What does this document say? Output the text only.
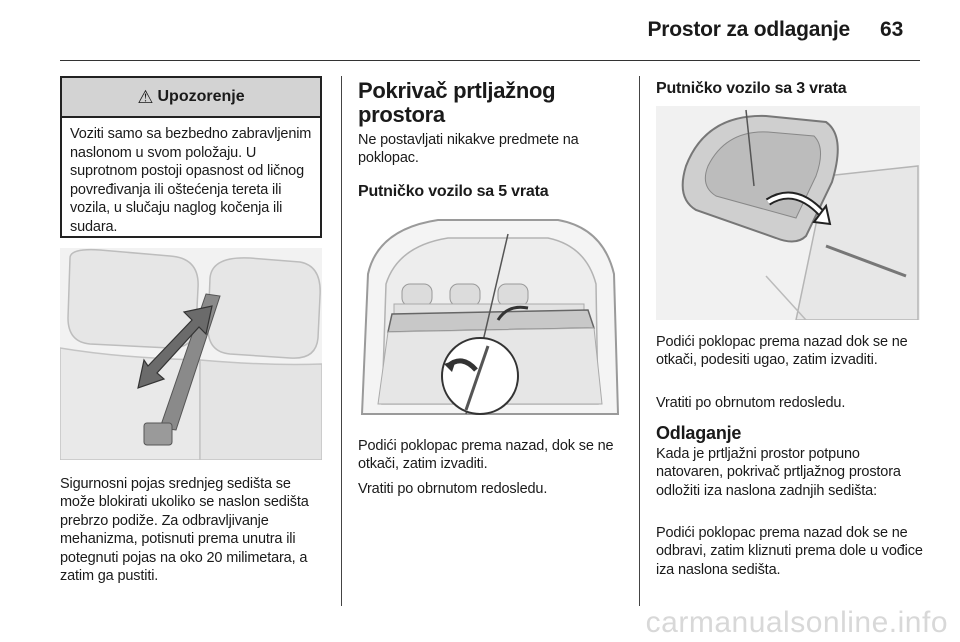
Prostor za odlaganje 63
⚠ Upozorenje
Voziti samo sa bezbedno zabravljenim naslonom u svom položaju. U suprotnom postoji opasnost od ličnog povređivanja ili oštećenja tereta ili vozila, u slučaju naglog kočenja ili sudara.
Sigurnosni pojas srednjeg sedišta se može blokirati ukoliko se naslon sedišta prebrzo podiže. Za odbravljivanje mehanizma, potisnuti prema unutra ili potegnuti pojas na oko 20 milimetara, a zatim ga pustiti.
Pokrivač prtljažnog prostora
Ne postavljati nikakve predmete na poklopac.
Putničko vozilo sa 5 vrata
Podići poklopac prema nazad, dok se ne otkači, zatim izvaditi.
Vratiti po obrnutom redosledu.
Putničko vozilo sa 3 vrata
Podići poklopac prema nazad dok se ne otkači, podesiti ugao, zatim izvaditi.
Vratiti po obrnutom redosledu.
Odlaganje
Kada je prtljažni prostor potpuno natovaren, pokrivač prtljažnog prostora odložiti iza naslona zadnjih sedišta:
Podići poklopac prema nazad dok se ne odbravi, zatim kliznuti prema dole u vođice iza naslona sedišta.
carmanualsonline.info
